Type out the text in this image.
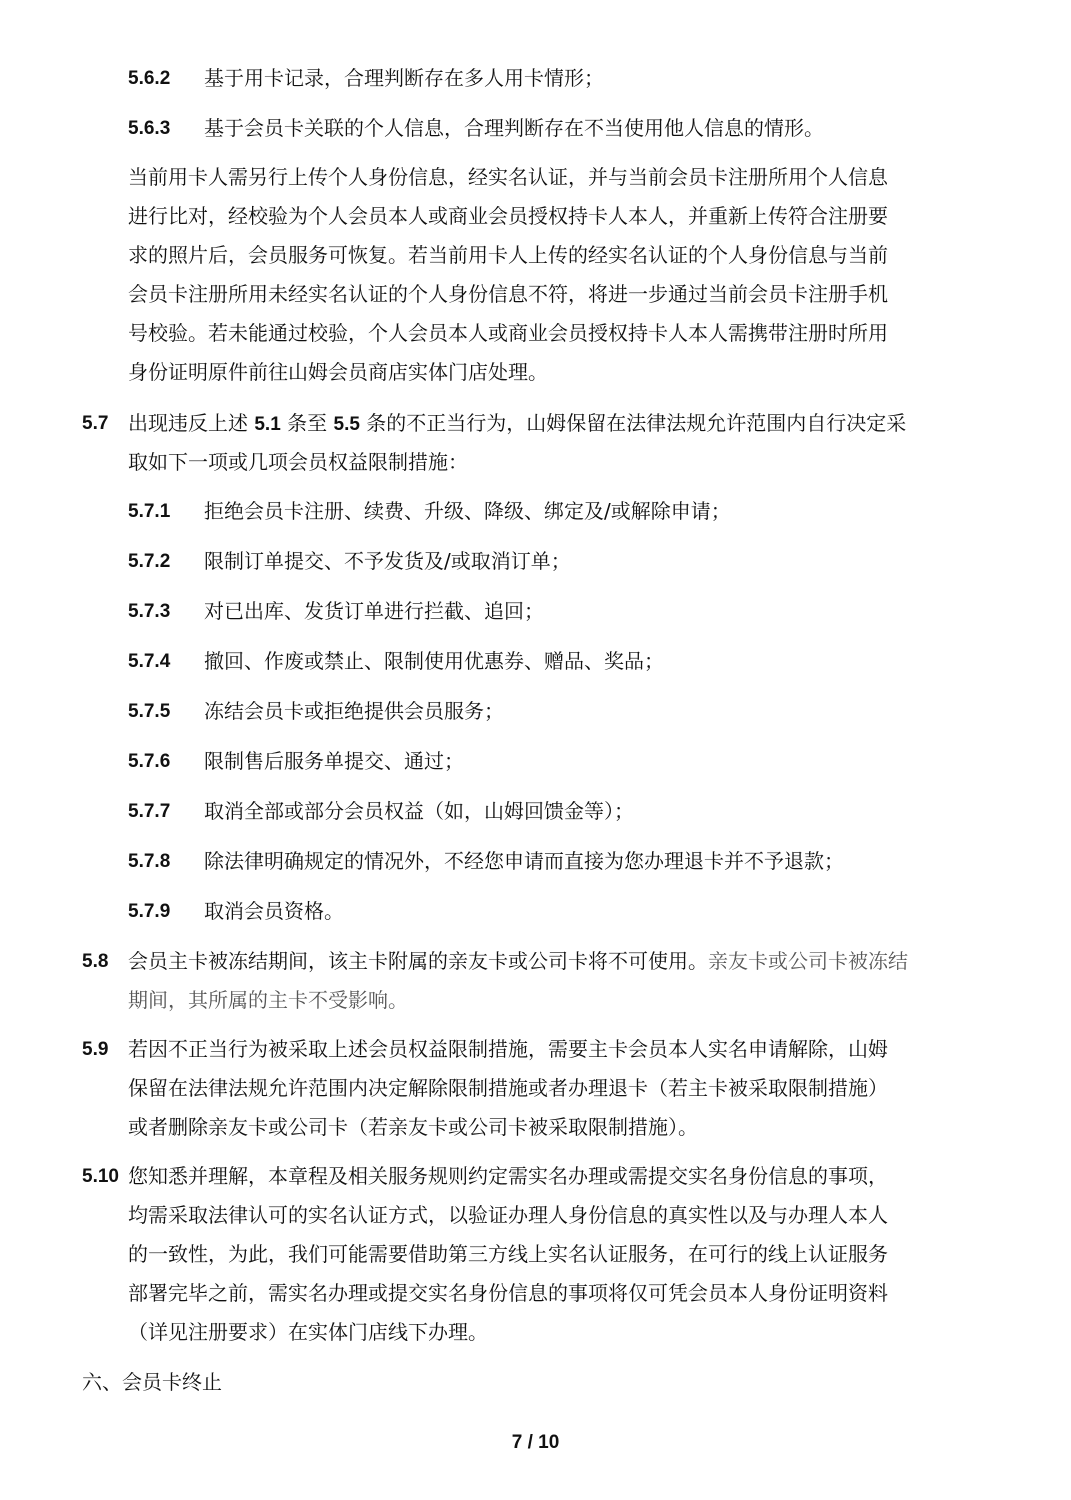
5.6.2 基于用卡记录，合理判断存在多人用卡情形；
5.6.3 基于会员卡关联的个人信息，合理判断存在不当使用他人信息的情形。
当前用卡人需另行上传个人身份信息，经实名认证，并与当前会员卡注册所用个人信息
进行比对，经校验为个人会员本人或商业会员授权持卡人本人，并重新上传符合注册要
求的照片后，会员服务可恢复。若当前用卡人上传的经实名认证的个人身份信息与当前
会员卡注册所用未经实名认证的个人身份信息不符，将进一步通过当前会员卡注册手机
号校验。若未能通过校验，个人会员本人或商业会员授权持卡人本人需携带注册时所用
身份证明原件前往山姆会员商店实体门店处理。
5.7 出现违反上述 5.1 条至 5.5 条的不正当行为，山姆保留在法律法规允许范围内自行决定采
取如下一项或几项会员权益限制措施：
5.7.1 拒绝会员卡注册、续费、升级、降级、绑定及/或解除申请；
5.7.2 限制订单提交、不予发货及/或取消订单；
5.7.3 对已出库、发货订单进行拦截、追回；
5.7.4 撤回、作废或禁止、限制使用优惠券、赠品、奖品；
5.7.5 冻结会员卡或拒绝提供会员服务；
5.7.6 限制售后服务单提交、通过；
5.7.7 取消全部或部分会员权益（如，山姆回馈金等）；
5.7.8 除法律明确规定的情况外，不经您申请而直接为您办理退卡并不予退款；
5.7.9 取消会员资格。
5.8 会员主卡被冻结期间，该主卡附属的亲友卡或公司卡将不可使用。亲友卡或公司卡被冻结
期间，其所属的主卡不受影响。
5.9 若因不正当行为被采取上述会员权益限制措施，需要主卡会员本人实名申请解除，山姆
保留在法律法规允许范围内决定解除限制措施或者办理退卡（若主卡被采取限制措施）
或者删除亲友卡或公司卡（若亲友卡或公司卡被采取限制措施）。
5.10 您知悉并理解，本章程及相关服务规则约定需实名办理或需提交实名身份信息的事项，
均需采取法律认可的实名认证方式，以验证办理人身份信息的真实性以及与办理人本人
的一致性，为此，我们可能需要借助第三方线上实名认证服务，在可行的线上认证服务
部署完毕之前，需实名办理或提交实名身份信息的事项将仅可凭会员本人身份证明资料
（详见注册要求）在实体门店线下办理。
六、会员卡终止
7 / 10
